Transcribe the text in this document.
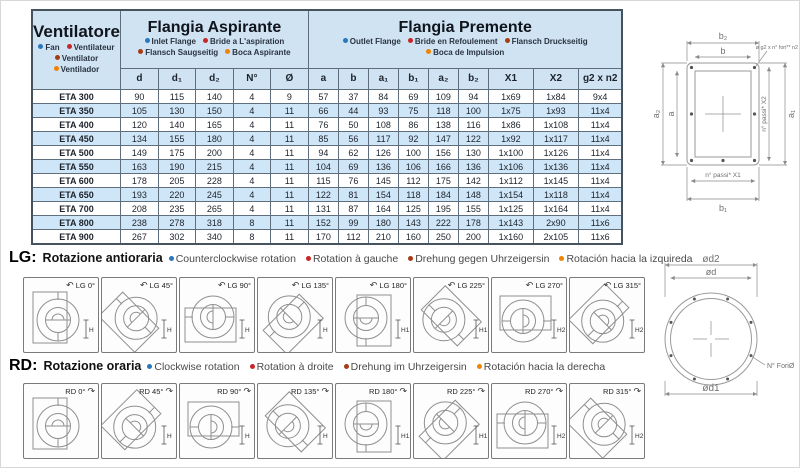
Ventilatore
Fan	Ventilateur
Ventilator
Ventilador

Flangia Aspirante
Inlet Flange	Bride a L'aspiration
Flansch Saugseitig	Boca Aspirante

Flangia Premente
Outlet Flange	Bride en Refoulement	Flansch Druckseitig
Boca de Impulsion

	d	d₁	d₂	N°	Ø	a	b	a₁	b₁	a₂	b₂	X1	X2	g2 x n2
ETA 300	90	115	140	4	9	57	37	84	69	109	94	1x69	1x84	9x4
ETA 350	105	130	150	4	11	66	44	93	75	118	100	1x75	1x93	11x4
ETA 400	120	140	165	4	11	76	50	108	86	138	116	1x86	1x108	11x4
ETA 450	134	155	180	4	11	85	56	117	92	147	122	1x92	1x117	11x4
ETA 500	149	175	200	4	11	94	62	126	100	156	130	1x100	1x126	11x4
ETA 550	163	190	215	4	11	104	69	136	106	166	136	1x106	1x136	11x4
ETA 600	178	205	228	4	11	115	76	145	112	175	142	1x112	1x145	11x4
ETA 650	193	220	245	4	11	122	81	154	118	184	148	1x154	1x118	11x4
ETA 700	208	235	265	4	11	131	87	164	125	195	155	1x125	1x164	11x4
ETA 800	238	278	318	8	11	152	99	180	143	222	178	1x143	2x90	11x6
ETA 900	267	302	340	8	11	170	112	210	160	250	200	1x160	2x105	11x6
b₂
b
a₂ a	n° passi* X2 a₁
n° passi* X1
b₁
ø g2 x n° fori** n2
LG: Rotazione antioraria	Counterclockwise rotation	Rotation à gauche	Drehung gegen Uhrzeigersin	Rotación hacia la izquireda
↶ LG 0°
H
↶ LG 45°
H
↶ LG 90°
H
↶ LG 135°
H
↶ LG 180°
H1
↶ LG 225°
H1
↶ LG 270°
H2
↶ LG 315°
H2
RD: Rotazione oraria	Clockwise rotation	Rotation à droite	Drehung im Uhrzeigersin	Rotación hacia la derecha
RD 0° ↷	RD 45° ↷
H
RD 90° ↷
H
RD 135° ↷
H
RD 180° ↷
H1
RD 225° ↷
H1
RD 270° ↷
H2
RD 315° ↷
H2
ød2
ød
ød1
N° ForiØ
